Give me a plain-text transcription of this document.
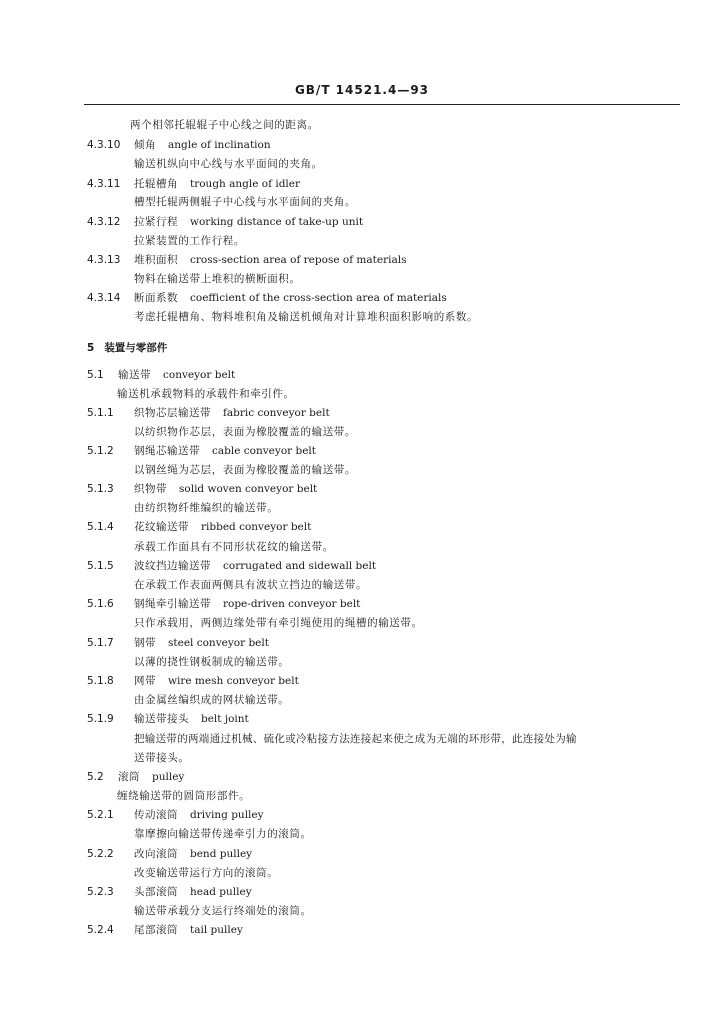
GB/T 14521.4—93
两个相邻托辊辊子中心线之间的距离。
4.3.10 倾角 angle of inclination
输送机纵向中心线与水平面间的夹角。
4.3.11 托辊槽角 trough angle of idler
槽型托辊两侧辊子中心线与水平面间的夹角。
4.3.12 拉紧行程 working distance of take-up unit
拉紧装置的工作行程。
4.3.13 堆积面积 cross-section area of repose of materials
物料在输送带上堆积的横断面积。
4.3.14 断面系数 coefficient of the cross-section area of materials
考虑托辊槽角、物料堆积角及输送机倾角对计算堆积面积影响的系数。
5 装置与零部件
5.1 输送带 conveyor belt
输送机承载物料的承载件和牵引件。
5.1.1 织物芯层输送带 fabric conveyor belt
以纺织物作芯层，表面为橡胶覆盖的输送带。
5.1.2 钢绳芯输送带 cable conveyor belt
以钢丝绳为芯层，表面为橡胶覆盖的输送带。
5.1.3 织物带 solid woven conveyor belt
由纺织物纤维编织的输送带。
5.1.4 花纹输送带 ribbed conveyor belt
承载工作面具有不同形状花纹的输送带。
5.1.5 波纹挡边输送带 corrugated and sidewall belt
在承载工作表面两侧具有波状立挡边的输送带。
5.1.6 钢绳牵引输送带 rope-driven conveyor belt
只作承载用，两侧边缘处带有牵引绳使用的绳槽的输送带。
5.1.7 钢带 steel conveyor belt
以薄的挠性钢板制成的输送带。
5.1.8 网带 wire mesh conveyor belt
由金属丝编织成的网状输送带。
5.1.9 输送带接头 belt joint
把输送带的两端通过机械、硫化或冷粘接方法连接起来使之成为无端的环形带，此连接处为输
送带接头。
5.2 滚筒 pulley
缠绕输送带的圆筒形部件。
5.2.1 传动滚筒 driving pulley
靠摩擦向输送带传递牵引力的滚筒。
5.2.2 改向滚筒 bend pulley
改变输送带运行方向的滚筒。
5.2.3 头部滚筒 head pulley
输送带承载分支运行终端处的滚筒。
5.2.4 尾部滚筒 tail pulley
